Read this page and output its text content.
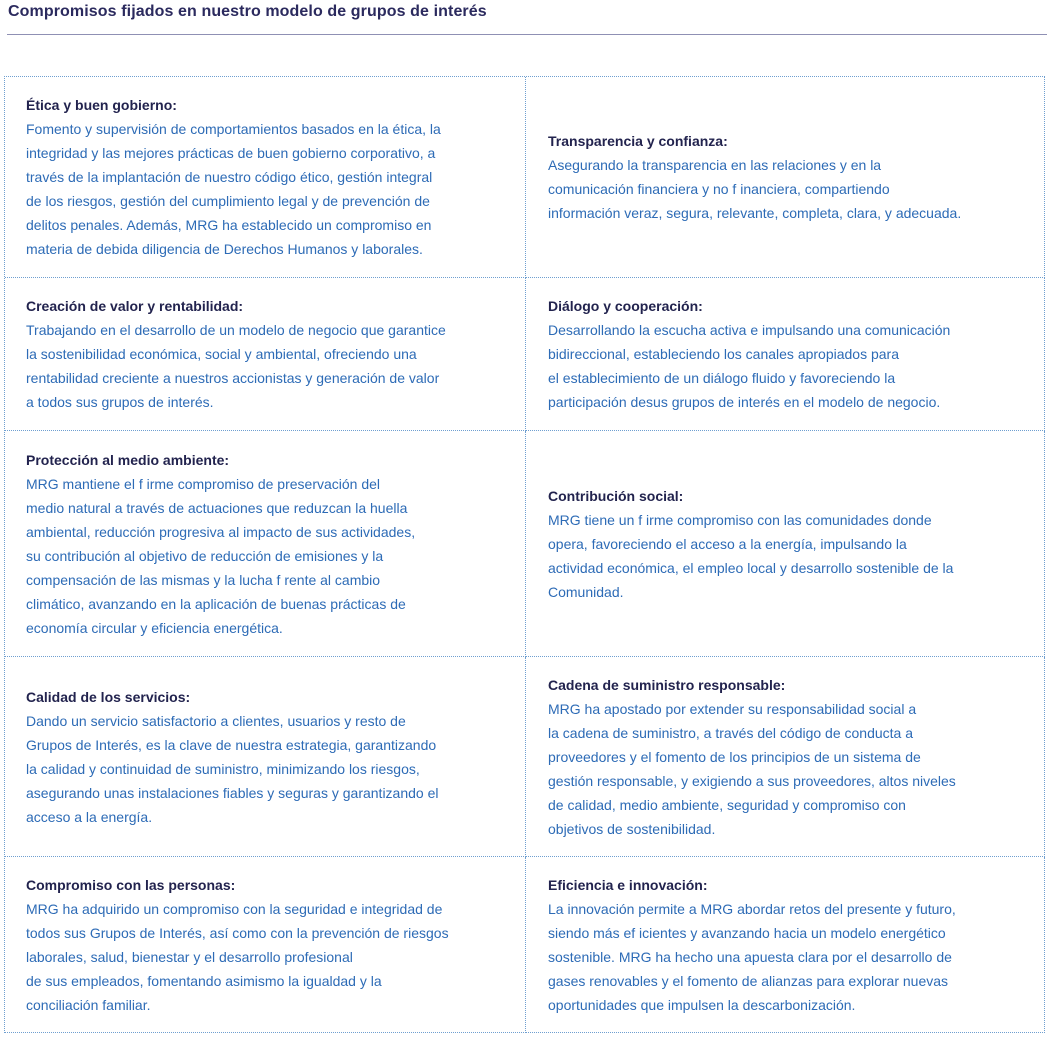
Compromisos fijados en nuestro modelo de grupos de interés
Ética y buen gobierno:
Fomento y supervisión de comportamientos basados en la ética, la
integridad y las mejores prácticas de buen gobierno corporativo, a
través de la implantación de nuestro código ético, gestión integral
de los riesgos, gestión del cumplimiento legal y de prevención de
delitos penales. Además, MRG ha establecido un compromiso en
materia de debida diligencia de Derechos Humanos y laborales.
Transparencia y confianza:
Asegurando la transparencia en las relaciones y en la
comunicación financiera y no f inanciera, compartiendo
información veraz, segura, relevante, completa, clara, y adecuada.
Creación de valor y rentabilidad:
Trabajando en el desarrollo de un modelo de negocio que garantice
la sostenibilidad económica, social y ambiental, ofreciendo una
rentabilidad creciente a nuestros accionistas y generación de valor
a todos sus grupos de interés.
Diálogo y cooperación:
Desarrollando la escucha activa e impulsando una comunicación
bidireccional, estableciendo los canales apropiados para
el establecimiento de un diálogo fluido y favoreciendo la
participación desus grupos de interés en el modelo de negocio.
Protección al medio ambiente:
MRG mantiene el f irme compromiso de preservación del
medio natural a través de actuaciones que reduzcan la huella
ambiental, reducción progresiva al impacto de sus actividades,
su contribución al objetivo de reducción de emisiones y la
compensación de las mismas y la lucha f rente al cambio
climático, avanzando en la aplicación de buenas prácticas de
economía circular y eficiencia energética.
Contribución social:
MRG tiene un f irme compromiso con las comunidades donde
opera, favoreciendo el acceso a la energía, impulsando la
actividad económica, el empleo local y desarrollo sostenible de la
Comunidad.
Calidad de los servicios:
Dando un servicio satisfactorio a clientes, usuarios y resto de
Grupos de Interés, es la clave de nuestra estrategia, garantizando
la calidad y continuidad de suministro, minimizando los riesgos,
asegurando unas instalaciones fiables y seguras y garantizando el
acceso a la energía.
Cadena de suministro responsable:
MRG ha apostado por extender su responsabilidad social a
la cadena de suministro, a través del código de conducta a
proveedores y el fomento de los principios de un sistema de
gestión responsable, y exigiendo a sus proveedores, altos niveles
de calidad, medio ambiente, seguridad y compromiso con
objetivos de sostenibilidad.
Compromiso con las personas:
MRG ha adquirido un compromiso con la seguridad e integridad de
todos sus Grupos de Interés, así como con la prevención de riesgos
laborales, salud, bienestar y el desarrollo profesional
de sus empleados, fomentando asimismo la igualdad y la
conciliación familiar.
Eficiencia e innovación:
La innovación permite a MRG abordar retos del presente y futuro,
siendo más ef icientes y avanzando hacia un modelo energético
sostenible. MRG ha hecho una apuesta clara por el desarrollo de
gases renovables y el fomento de alianzas para explorar nuevas
oportunidades que impulsen la descarbonización.
